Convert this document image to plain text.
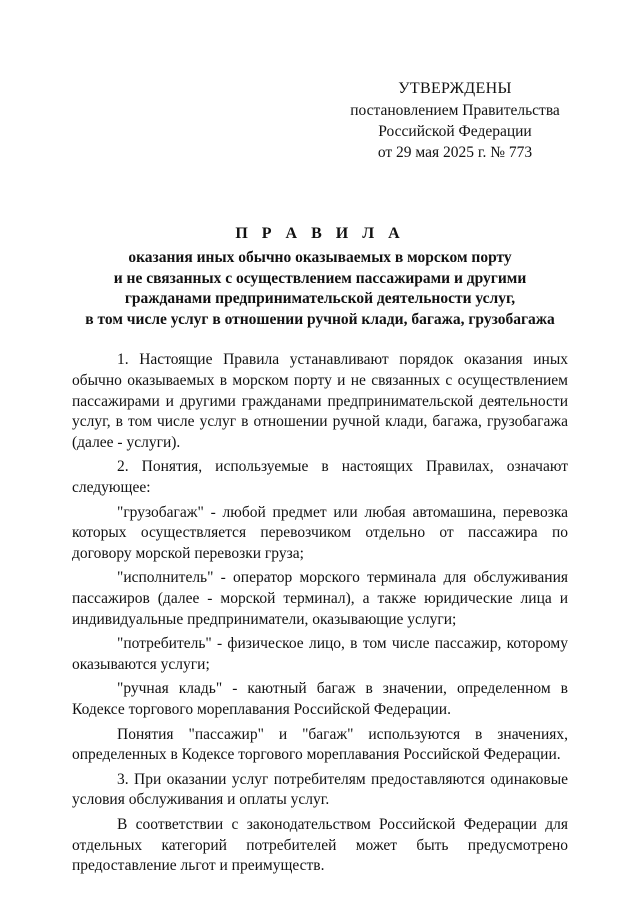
УТВЕРЖДЕНЫ
постановлением Правительства
Российской Федерации
от 29 мая 2025 г. № 773
П Р А В И Л А
оказания иных обычно оказываемых в морском порту
и не связанных с осуществлением пассажирами и другими
гражданами предпринимательской деятельности услуг,
в том числе услуг в отношении ручной клади, багажа, грузобагажа

1. Настоящие Правила устанавливают порядок оказания иных обычно оказываемых в морском порту и не связанных с осуществлением пассажирами и другими гражданами предпринимательской деятельности услуг, в том числе услуг в отношении ручной клади, багажа, грузобагажа (далее - услуги).

2. Понятия, используемые в настоящих Правилах, означают следующее:

"грузобагаж" - любой предмет или любая автомашина, перевозка которых осуществляется перевозчиком отдельно от пассажира по договору морской перевозки груза;

"исполнитель" - оператор морского терминала для обслуживания пассажиров (далее - морской терминал), а также юридические лица и индивидуальные предприниматели, оказывающие услуги;

"потребитель" - физическое лицо, в том числе пассажир, которому оказываются услуги;

"ручная кладь" - каютный багаж в значении, определенном в Кодексе торгового мореплавания Российской Федерации.

Понятия "пассажир" и "багаж" используются в значениях, определенных в Кодексе торгового мореплавания Российской Федерации.

3. При оказании услуг потребителям предоставляются одинаковые условия обслуживания и оплаты услуг.

В соответствии с законодательством Российской Федерации для отдельных категорий потребителей может быть предусмотрено предоставление льгот и преимуществ.
